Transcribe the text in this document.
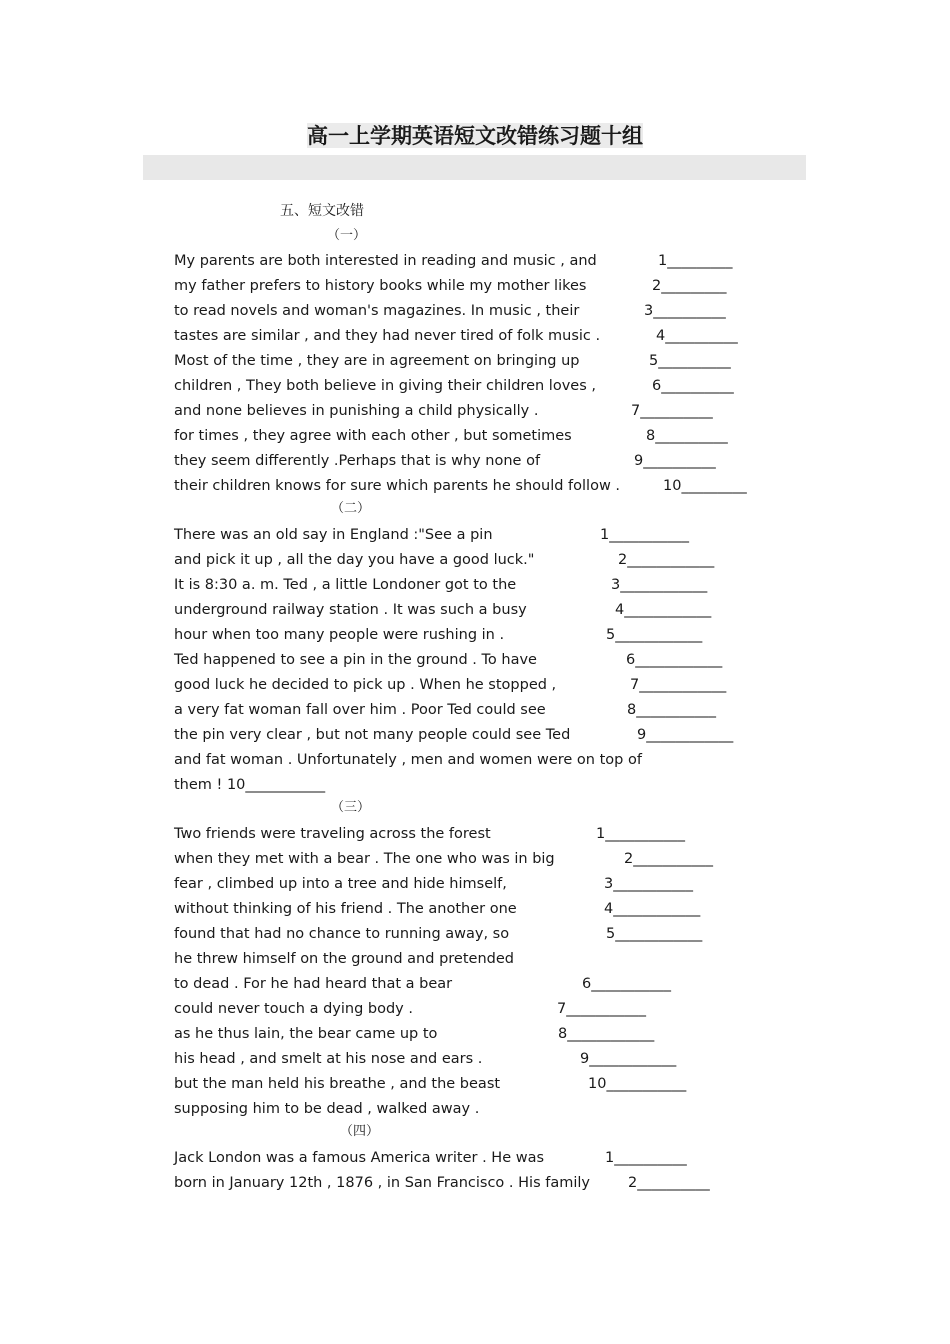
高一上学期英语短文改错练习题十组
五、短文改错
（一）
My parents are both interested in reading and music , and
my father prefers to history books while my mother likes
to read novels and woman's magazines. In music , their
tastes are similar , and they had never tired of folk music .
Most of the time , they are in agreement on bringing up
children , They both believe in giving their children loves ,
and none believes in punishing a child physically .
for times , they agree with each other , but sometimes
they seem differently .Perhaps that is why none of
their children knows for sure which parents he should follow .
1_________
2_________
3__________
4__________
5__________
6__________
7__________
8__________
9__________
10_________
（二）
There was an old say in England :"See a pin
and pick it up , all the day you have a good luck."
It is 8:30 a. m. Ted , a little Londoner got to the
underground railway station . It was such a busy
hour when too many people were rushing in .
Ted happened to see a pin in the ground . To have
good luck he decided to pick up . When he stopped ,
a very fat woman fall over him . Poor Ted could see
the pin very clear , but not many people could see Ted
and fat woman . Unfortunately , men and women were on top of
them ! 10___________
1___________
2____________
3____________
4____________
5____________
6____________
7____________
8___________
9____________
（三）
Two friends were traveling across the forest
when they met with a bear . The one who was in big
fear , climbed up into a tree and hide himself,
without thinking of his friend . The another one
found that had no chance to running away, so
he threw himself on the ground and pretended
to dead . For he had heard that a bear
could never touch a dying body .
as he thus lain, the bear came up to
his head , and smelt at his nose and ears .
but the man held his breathe , and the beast
supposing him to be dead , walked away .
1___________
2___________
3___________
4____________
5____________
6___________
7___________
8____________
9____________
10___________
（四）
Jack London was a famous America writer . He was
born in January 12th , 1876 , in San Francisco . His family
1__________
2__________
